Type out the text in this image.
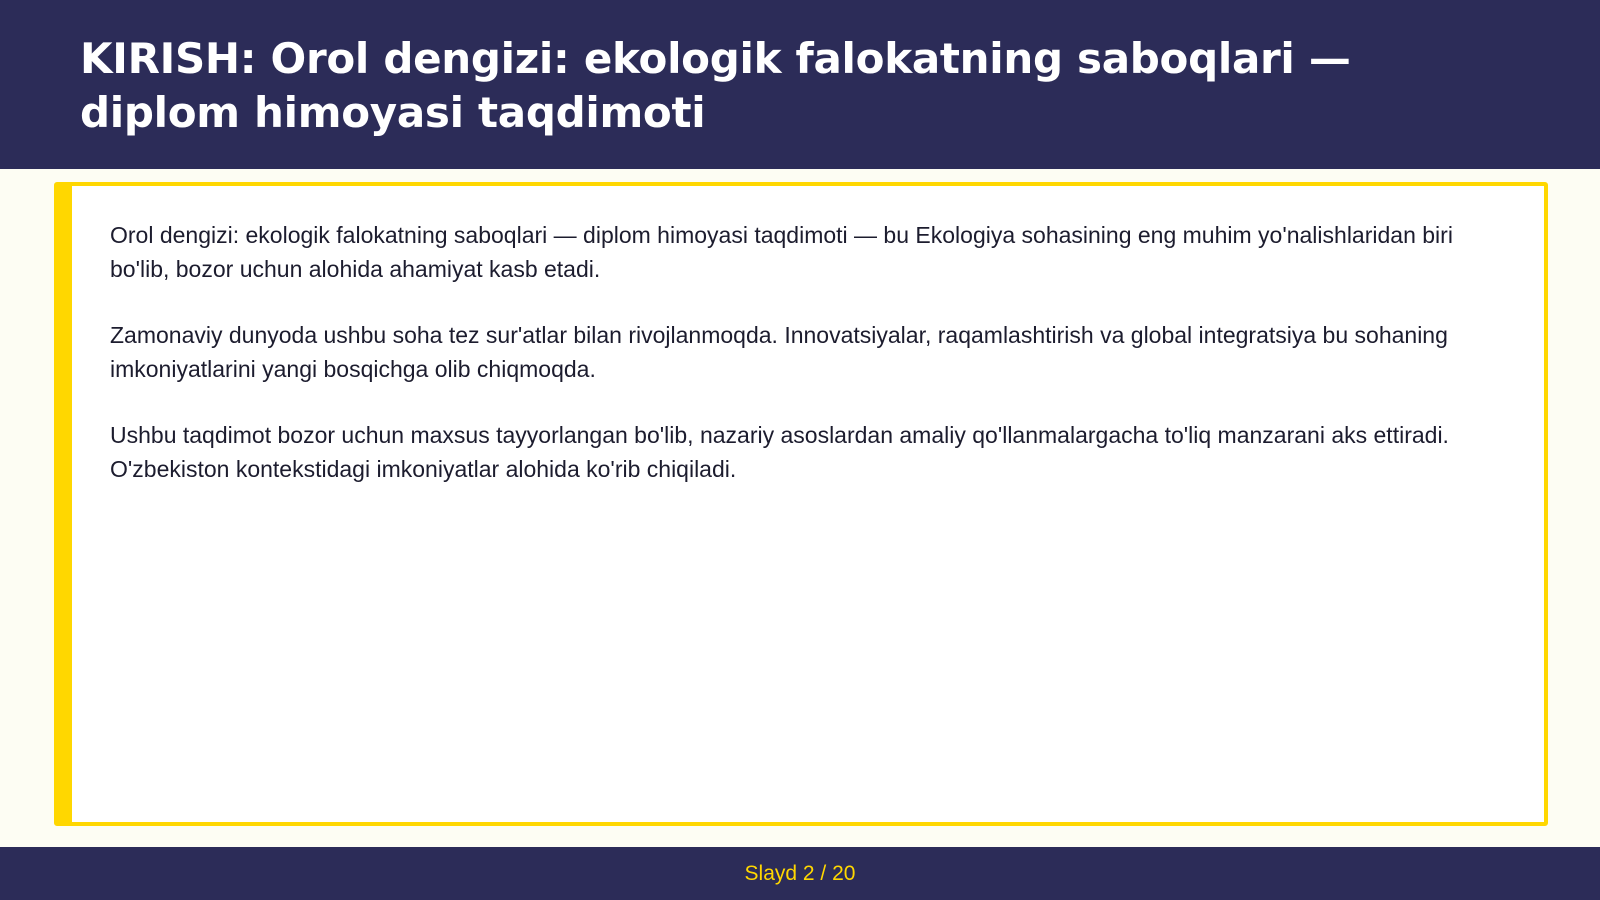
KIRISH: Orol dengizi: ekologik falokatning saboqlari — diplom himoyasi taqdimoti

Orol dengizi: ekologik falokatning saboqlari — diplom himoyasi taqdimoti — bu Ekologiya sohasining eng muhim yo'nalishlaridan biri bo'lib, bozor uchun alohida ahamiyat kasb etadi.

Zamonaviy dunyoda ushbu soha tez sur'atlar bilan rivojlanmoqda. Innovatsiyalar, raqamlashtirish va global integratsiya bu sohaning imkoniyatlarini yangi bosqichga olib chiqmoqda.

Ushbu taqdimot bozor uchun maxsus tayyorlangan bo'lib, nazariy asoslardan amaliy qo'llanmalargacha to'liq manzarani aks ettiradi. O'zbekiston kontekstidagi imkoniyatlar alohida ko'rib chiqiladi.

Slayd 2 / 20
